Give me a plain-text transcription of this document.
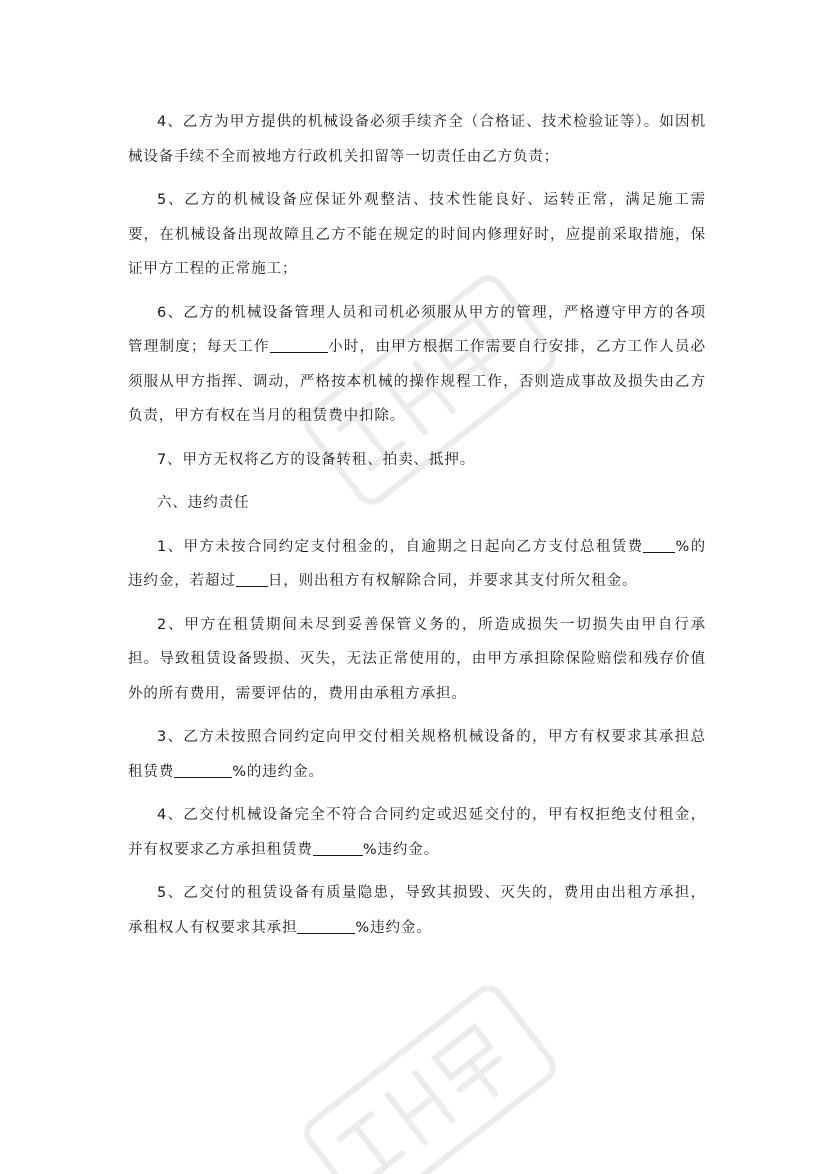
4、乙方为甲方提供的机械设备必须手续齐全（合格证、技术检验证等）。如因机械设备手续不全而被地方行政机关扣留等一切责任由乙方负责；

5、乙方的机械设备应保证外观整洁、技术性能良好、运转正常，满足施工需要，在机械设备出现故障且乙方不能在规定的时间内修理好时，应提前采取措施，保证甲方工程的正常施工；

6、乙方的机械设备管理人员和司机必须服从甲方的管理，严格遵守甲方的各项管理制度；每天工作	小时，由甲方根据工作需要自行安排，乙方工作人员必须服从甲方指挥、调动，严格按本机械的操作规程工作，否则造成事故及损失由乙方负责，甲方有权在当月的租赁费中扣除。

7、甲方无权将乙方的设备转租、拍卖、抵押。

六、违约责任

1、甲方未按合同约定支付租金的，自逾期之日起向乙方支付总租赁费 %的违约金，若超过 日，则出租方有权解除合同，并要求其支付所欠租金。

2、甲方在租赁期间未尽到妥善保管义务的，所造成损失一切损失由甲自行承担。导致租赁设备毁损、灭失，无法正常使用的，由甲方承担除保险赔偿和残存价值外的所有费用，需要评估的，费用由承租方承担。

3、乙方未按照合同约定向甲交付相关规格机械设备的，甲方有权要求其承担总租赁费	%的违约金。

4、乙交付机械设备完全不符合合同约定或迟延交付的，甲有权拒绝支付租金，并有权要求乙方承担租赁费	%违约金。

5、乙交付的租赁设备有质量隐患，导致其损毁、灭失的，费用由出租方承担，承租权人有权要求其承担	%违约金。
